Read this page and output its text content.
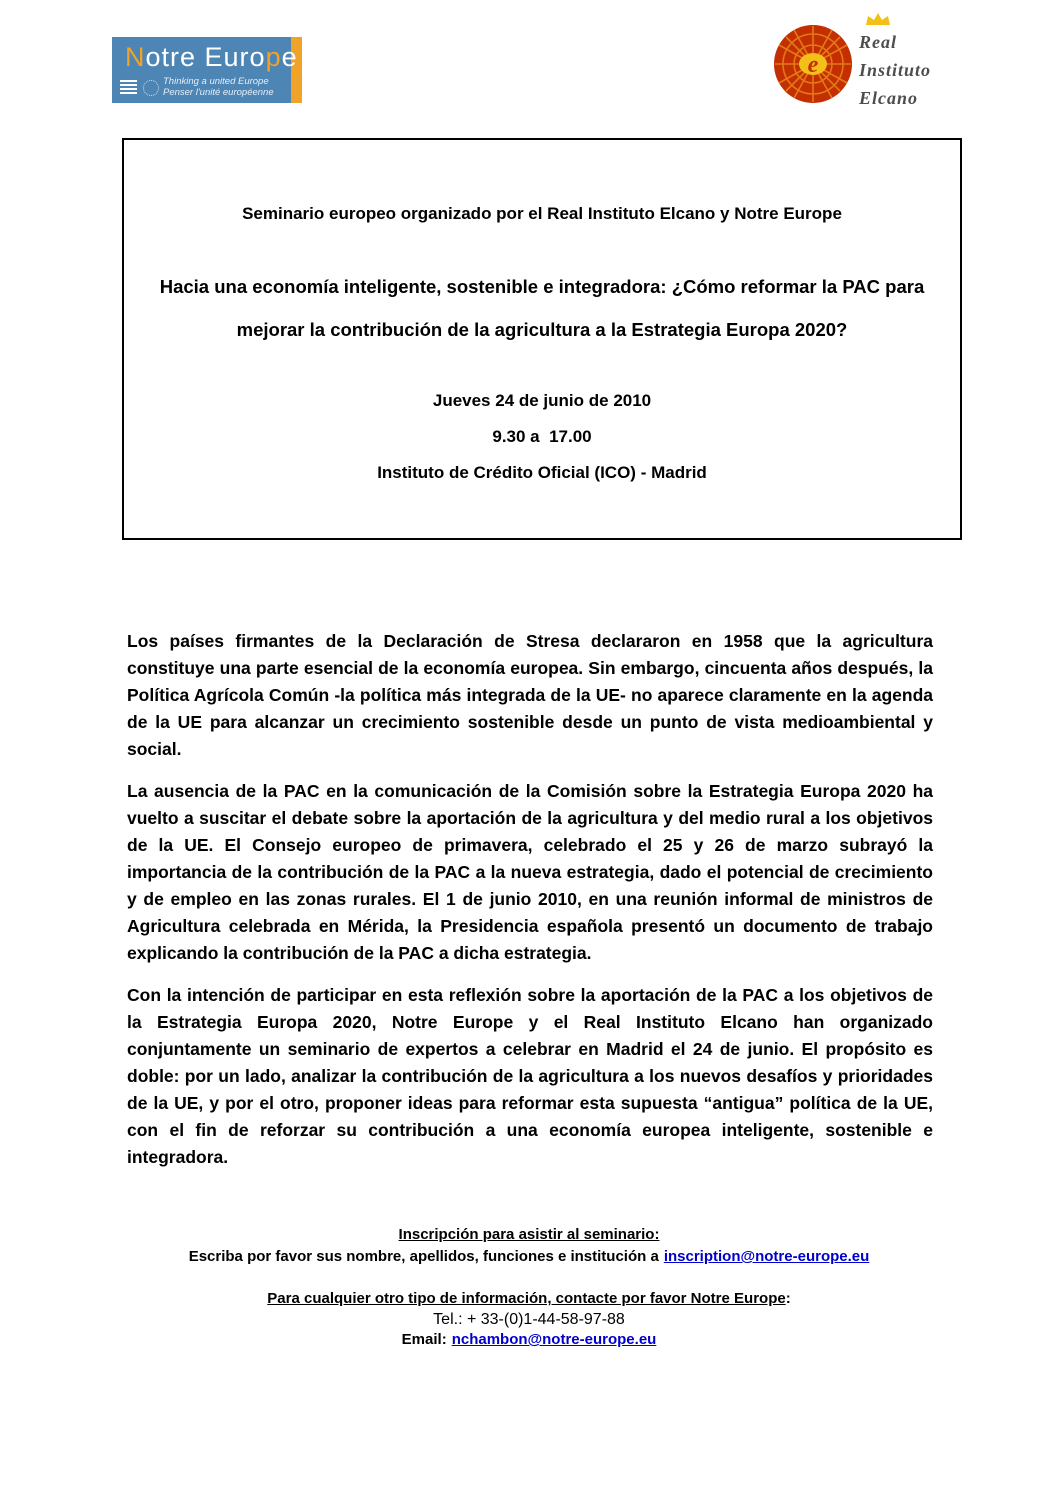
Notre Europe
Thinking a united Europe
Penser l'unité européenne
e
Real
Instituto
Elcano
Seminario europeo organizado por el Real Instituto Elcano y Notre Europe
Hacia una economía inteligente, sostenible e integradora: ¿Cómo reformar la PAC para
mejorar la contribución de la agricultura a la Estrategia Europa 2020?
Jueves 24 de junio de 2010
9.30 a  17.00
Instituto de Crédito Oficial (ICO) - Madrid

Los países firmantes de la Declaración de Stresa declararon en 1958 que la agricultura constituye una parte esencial de la economía europea. Sin embargo, cincuenta años después, la Política Agrícola Común -la política más integrada de la UE- no aparece claramente en la agenda de la UE para alcanzar un crecimiento sostenible desde un punto de vista medioambiental y social.

La ausencia de la PAC en la comunicación de la Comisión sobre la Estrategia Europa 2020 ha vuelto a suscitar el debate sobre la aportación de la agricultura y del medio rural a los objetivos de la UE. El Consejo europeo de primavera, celebrado el 25 y 26 de marzo subrayó la importancia de la contribución de la PAC a la nueva estrategia, dado el potencial de crecimiento y de empleo en las zonas rurales. El 1 de junio 2010, en una reunión informal de ministros de Agricultura celebrada en Mérida, la Presidencia española presentó un documento de trabajo explicando la contribución de la PAC a dicha estrategia.

Con la intención de participar en esta reflexión sobre la aportación de la PAC a los objetivos de la Estrategia Europa 2020, Notre Europe y el Real Instituto Elcano han organizado conjuntamente un seminario de expertos a celebrar en Madrid el 24 de junio. El propósito es doble: por un lado, analizar la contribución de la agricultura a los nuevos desafíos y prioridades de la UE, y por el otro, proponer ideas para reformar esta supuesta “antigua” política de la UE, con el fin de reforzar su contribución a una economía europea inteligente, sostenible e integradora.

Inscripción para asistir al seminario:
Escriba por favor sus nombre, apellidos, funciones e institución a inscription@notre-europe.eu
Para cualquier otro tipo de información, contacte por favor Notre Europe:
Tel.: + 33-(0)1-44-58-97-88
Email: nchambon@notre-europe.eu
